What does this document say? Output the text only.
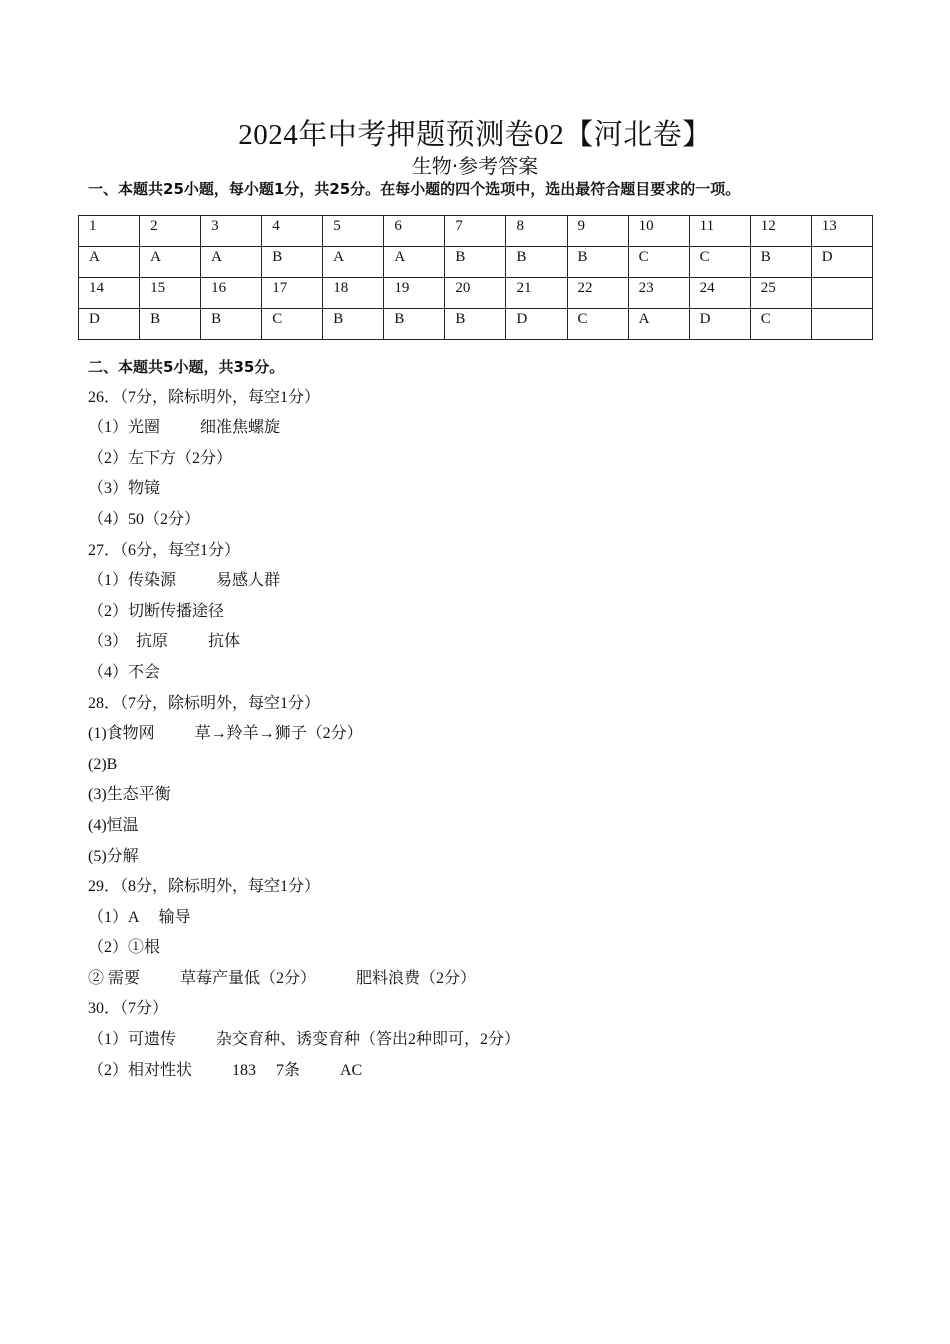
2024年中考押题预测卷02【河北卷】
生物·参考答案
一、本题共25小题，每小题1分，共25分。在每小题的四个选项中，选出最符合题目要求的一项。
1	2	3	4	5	6	7	8	9	10	11	12	13
A	A	A	B	A	A	B	B	B	C	C	B	D
14	15	16	17	18	19	20	21	22	23	24	25	
D	B	B	C	B	B	B	D	C	A	D	C	
二、本题共5小题，共35分。
26．（7分，除标明外，每空1分）
（1）光圈          细准焦螺旋
（2）左下方（2分）
（3）物镜
（4）50（2分）
27．（6分，每空1分）
（1）传染源          易感人群
（2）切断传播途径
（3）  抗原          抗体
（4）不会
28．（7分，除标明外，每空1分）
(1)食物网          草→羚羊→狮子（2分）
(2)B
(3)生态平衡
(4)恒温
(5)分解
29．（8分，除标明外，每空1分）
（1）A     输导
（2）①根
② 需要          草莓产量低（2分）          肥料浪费（2分）
30．（7分）
（1）可遗传          杂交育种、诱变育种（答出2种即可，2分）
（2）相对性状          183     7条          AC
